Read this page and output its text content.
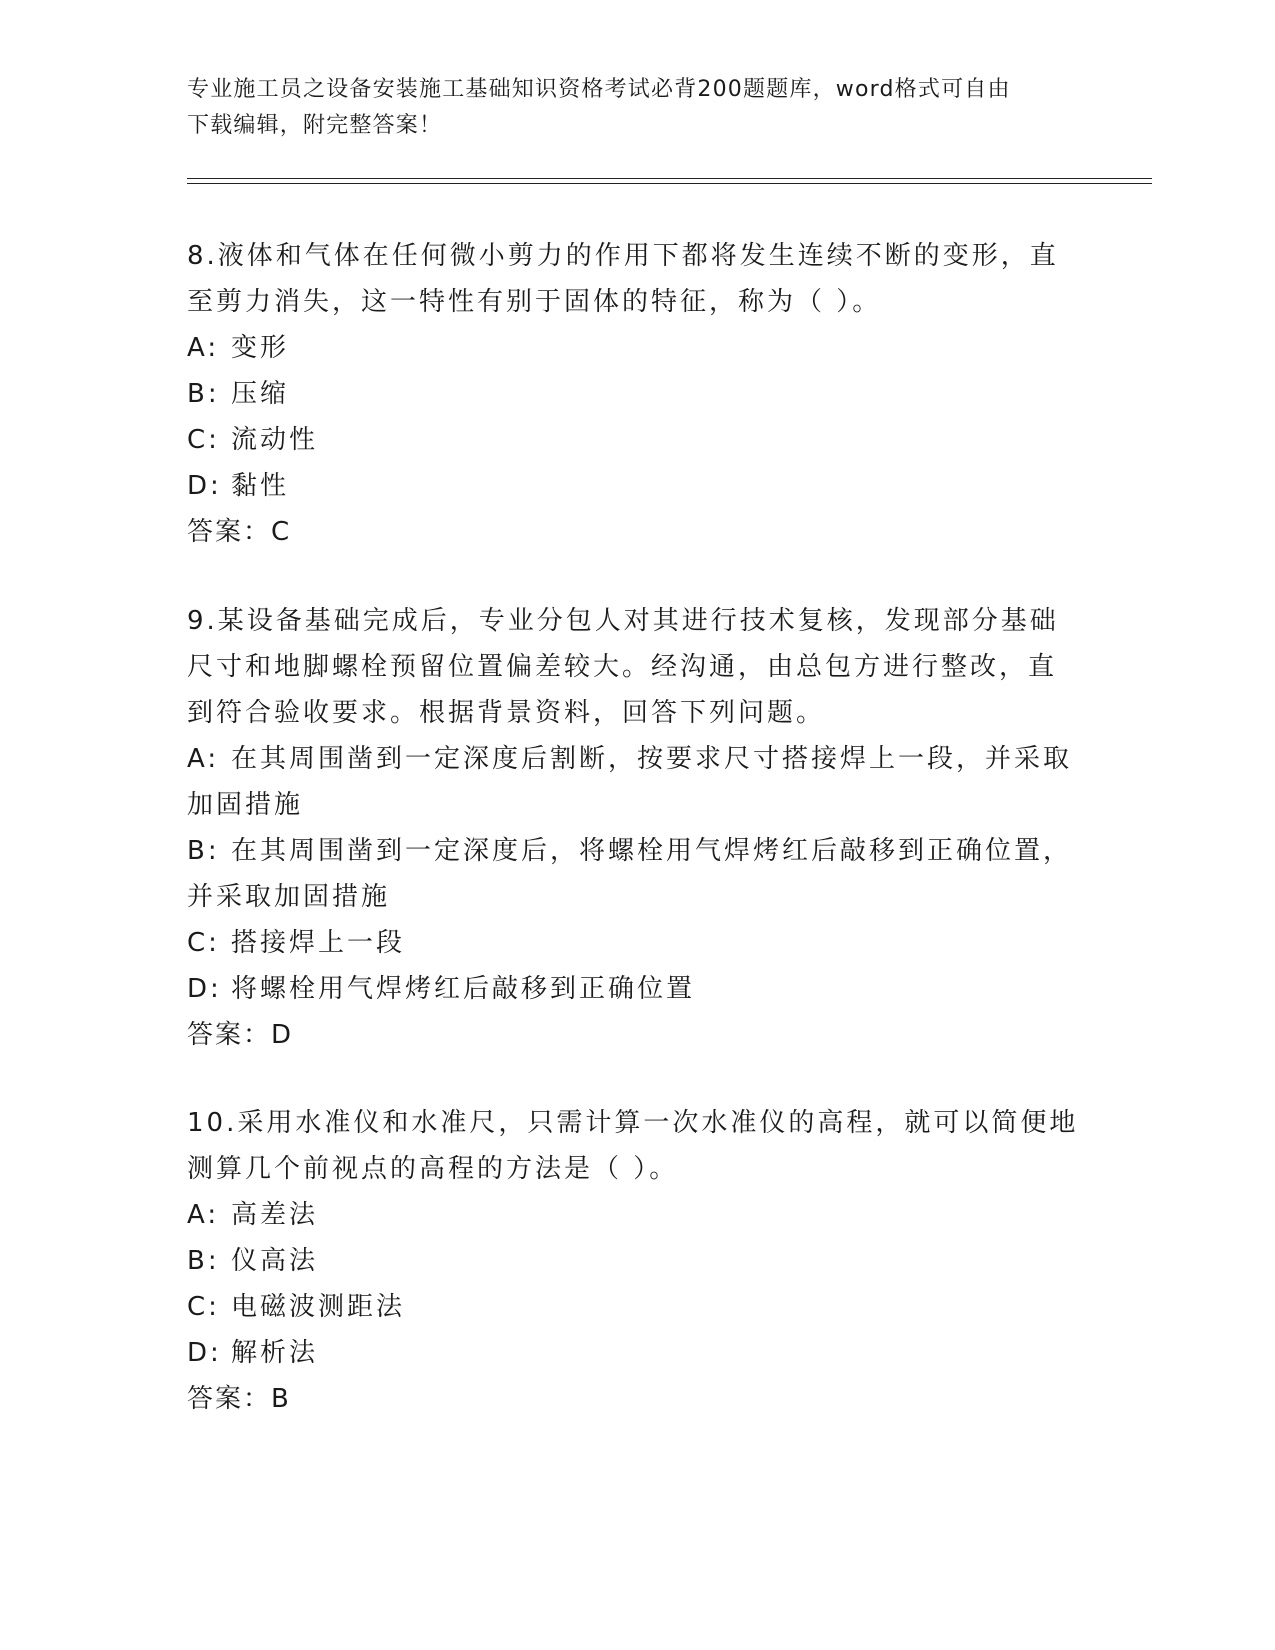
专业施工员之设备安装施工基础知识资格考试必背200题题库，word格式可自由
下载编辑，附完整答案！

8.液体和气体在任何微小剪力的作用下都将发生连续不断的变形，直

至剪力消失，这一特性有别于固体的特征，称为（ ）。

A: 变形

B: 压缩

C: 流动性

D: 黏性

答案：C

9.某设备基础完成后，专业分包人对其进行技术复核，发现部分基础

尺寸和地脚螺栓预留位置偏差较大。经沟通，由总包方进行整改，直

到符合验收要求。根据背景资料，回答下列问题。

A: 在其周围凿到一定深度后割断，按要求尺寸搭接焊上一段，并采取

加固措施

B: 在其周围凿到一定深度后，将螺栓用气焊烤红后敲移到正确位置，

并采取加固措施

C: 搭接焊上一段

D: 将螺栓用气焊烤红后敲移到正确位置

答案：D

10.采用水准仪和水准尺，只需计算一次水准仪的高程，就可以简便地

测算几个前视点的高程的方法是（ ）。

A: 高差法

B: 仪高法

C: 电磁波测距法

D: 解析法

答案：B
